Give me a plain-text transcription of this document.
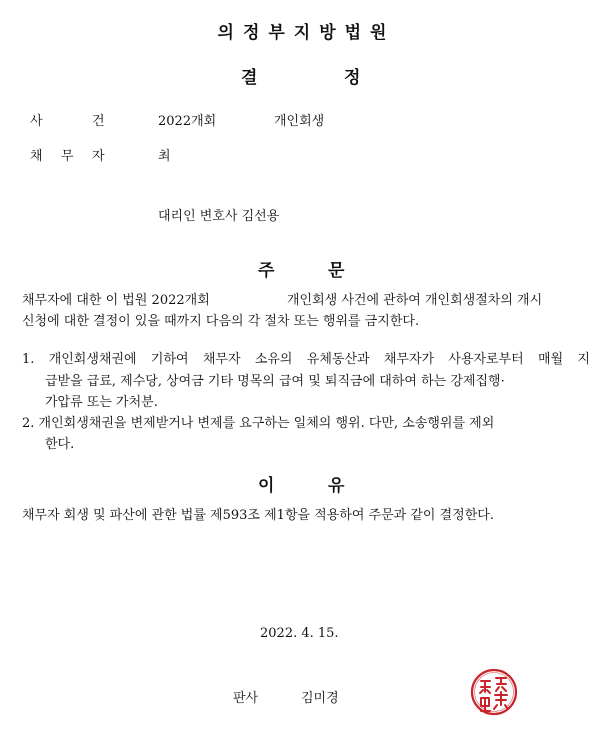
의정부지방법원
결	정
사	건	2022개회	개인회생
채 무 자	최
대리인 변호사 김선용
주	문
채무자에 대한 이 법원 2022개회	개인회생 사건에 관하여 개인회생절차의 개시
신청에 대한 결정이 있을 때까지 다음의 각 절차 또는 행위를 금지한다.
1. 개인회생채권에 기하여 채무자 소유의 유체동산과 채무자가 사용자로부터 매월 지
급받을 급료, 제수당, 상여금 기타 명목의 급여 및 퇴직금에 대하여 하는 강제집행·
가압류 또는 가처분.
2. 개인회생채권을 변제받거나 변제를 요구하는 일체의 행위. 다만, 소송행위를 제외
한다.
이	유
채무자 회생 및 파산에 관한 법률 제593조 제1항을 적용하여 주문과 같이 결정한다.
2022. 4. 15.
판사	김미경
